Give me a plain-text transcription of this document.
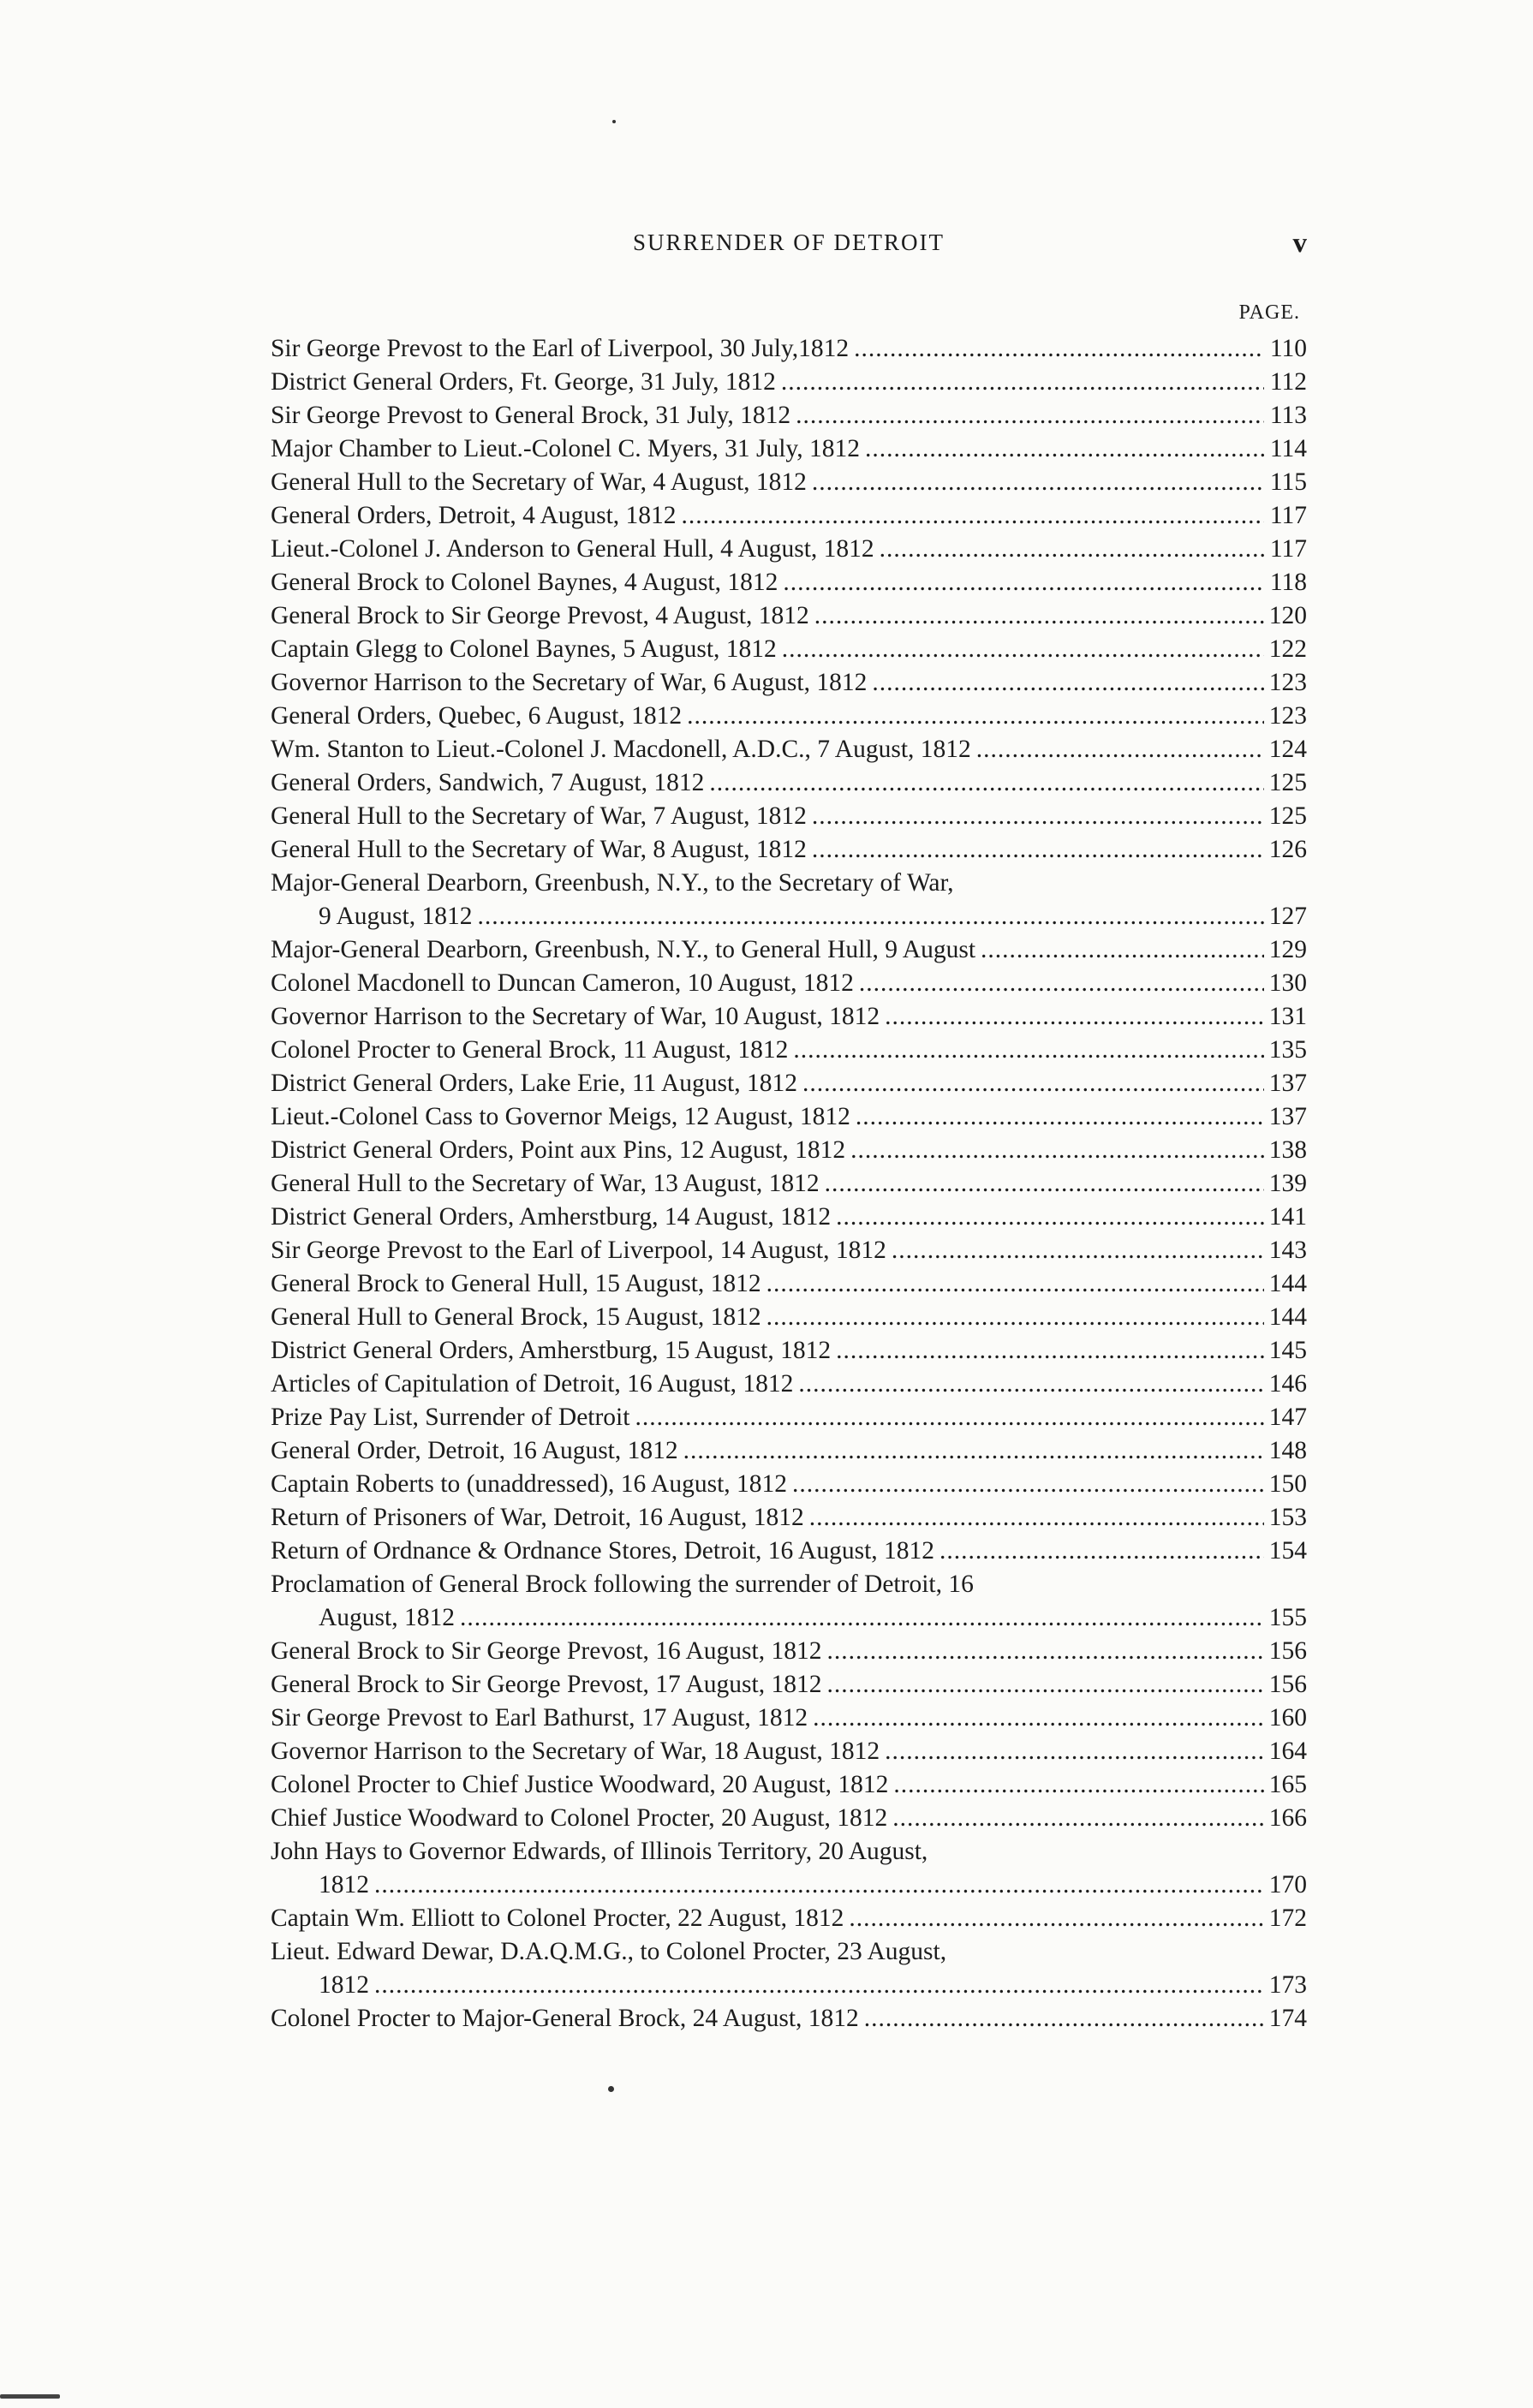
SURRENDER OF DETROIT	v
PAGE.
Sir George Prevost to the Earl of Liverpool, 30 July,1812 .....	110
District General Orders, Ft. George, 31 July, 1812 .....	112
Sir George Prevost to General Brock, 31 July, 1812 .....	113
Major Chamber to Lieut.-Colonel C. Myers, 31 July, 1812 .....	114
General Hull to the Secretary of War, 4 August, 1812 .....	115
General Orders, Detroit, 4 August, 1812 .....	117
Lieut.-Colonel J. Anderson to General Hull, 4 August, 1812 .....	117
General Brock to Colonel Baynes, 4 August, 1812 .....	118
General Brock to Sir George Prevost, 4 August, 1812 .....	120
Captain Glegg to Colonel Baynes, 5 August, 1812 .....	122
Governor Harrison to the Secretary of War, 6 August, 1812 .....	123
General Orders, Quebec, 6 August, 1812 .....	123
Wm. Stanton to Lieut.-Colonel J. Macdonell, A.D.C., 7 August, 1812 .....	124
General Orders, Sandwich, 7 August, 1812 .....	125
General Hull to the Secretary of War, 7 August, 1812 .....	125
General Hull to the Secretary of War, 8 August, 1812 .....	126
Major-General Dearborn, Greenbush, N.Y., to the Secretary of War,
9 August, 1812 .....	127
Major-General Dearborn, Greenbush, N.Y., to General Hull, 9 August .....	129
Colonel Macdonell to Duncan Cameron, 10 August, 1812 .....	130
Governor Harrison to the Secretary of War, 10 August, 1812 .....	131
Colonel Procter to General Brock, 11 August, 1812 .....	135
District General Orders, Lake Erie, 11 August, 1812 .....	137
Lieut.-Colonel Cass to Governor Meigs, 12 August, 1812 .....	137
District General Orders, Point aux Pins, 12 August, 1812 .....	138
General Hull to the Secretary of War, 13 August, 1812 .....	139
District General Orders, Amherstburg, 14 August, 1812 .....	141
Sir George Prevost to the Earl of Liverpool, 14 August, 1812 .....	143
General Brock to General Hull, 15 August, 1812 .....	144
General Hull to General Brock, 15 August, 1812 .....	144
District General Orders, Amherstburg, 15 August, 1812 .....	145
Articles of Capitulation of Detroit, 16 August, 1812 .....	146
Prize Pay List, Surrender of Detroit .....	147
General Order, Detroit, 16 August, 1812 .....	148
Captain Roberts to (unaddressed), 16 August, 1812 .....	150
Return of Prisoners of War, Detroit, 16 August, 1812 .....	153
Return of Ordnance & Ordnance Stores, Detroit, 16 August, 1812 .....	154
Proclamation of General Brock following the surrender of Detroit, 16
August, 1812 .....	155
General Brock to Sir George Prevost, 16 August, 1812 .....	156
General Brock to Sir George Prevost, 17 August, 1812 .....	156
Sir George Prevost to Earl Bathurst, 17 August, 1812 .....	160
Governor Harrison to the Secretary of War, 18 August, 1812 .....	164
Colonel Procter to Chief Justice Woodward, 20 August, 1812 .....	165
Chief Justice Woodward to Colonel Procter, 20 August, 1812 .....	166
John Hays to Governor Edwards, of Illinois Territory, 20 August,
1812 .....	170
Captain Wm. Elliott to Colonel Procter, 22 August, 1812 .....	172
Lieut. Edward Dewar, D.A.Q.M.G., to Colonel Procter, 23 August,
1812 .....	173
Colonel Procter to Major-General Brock, 24 August, 1812 .....	174
